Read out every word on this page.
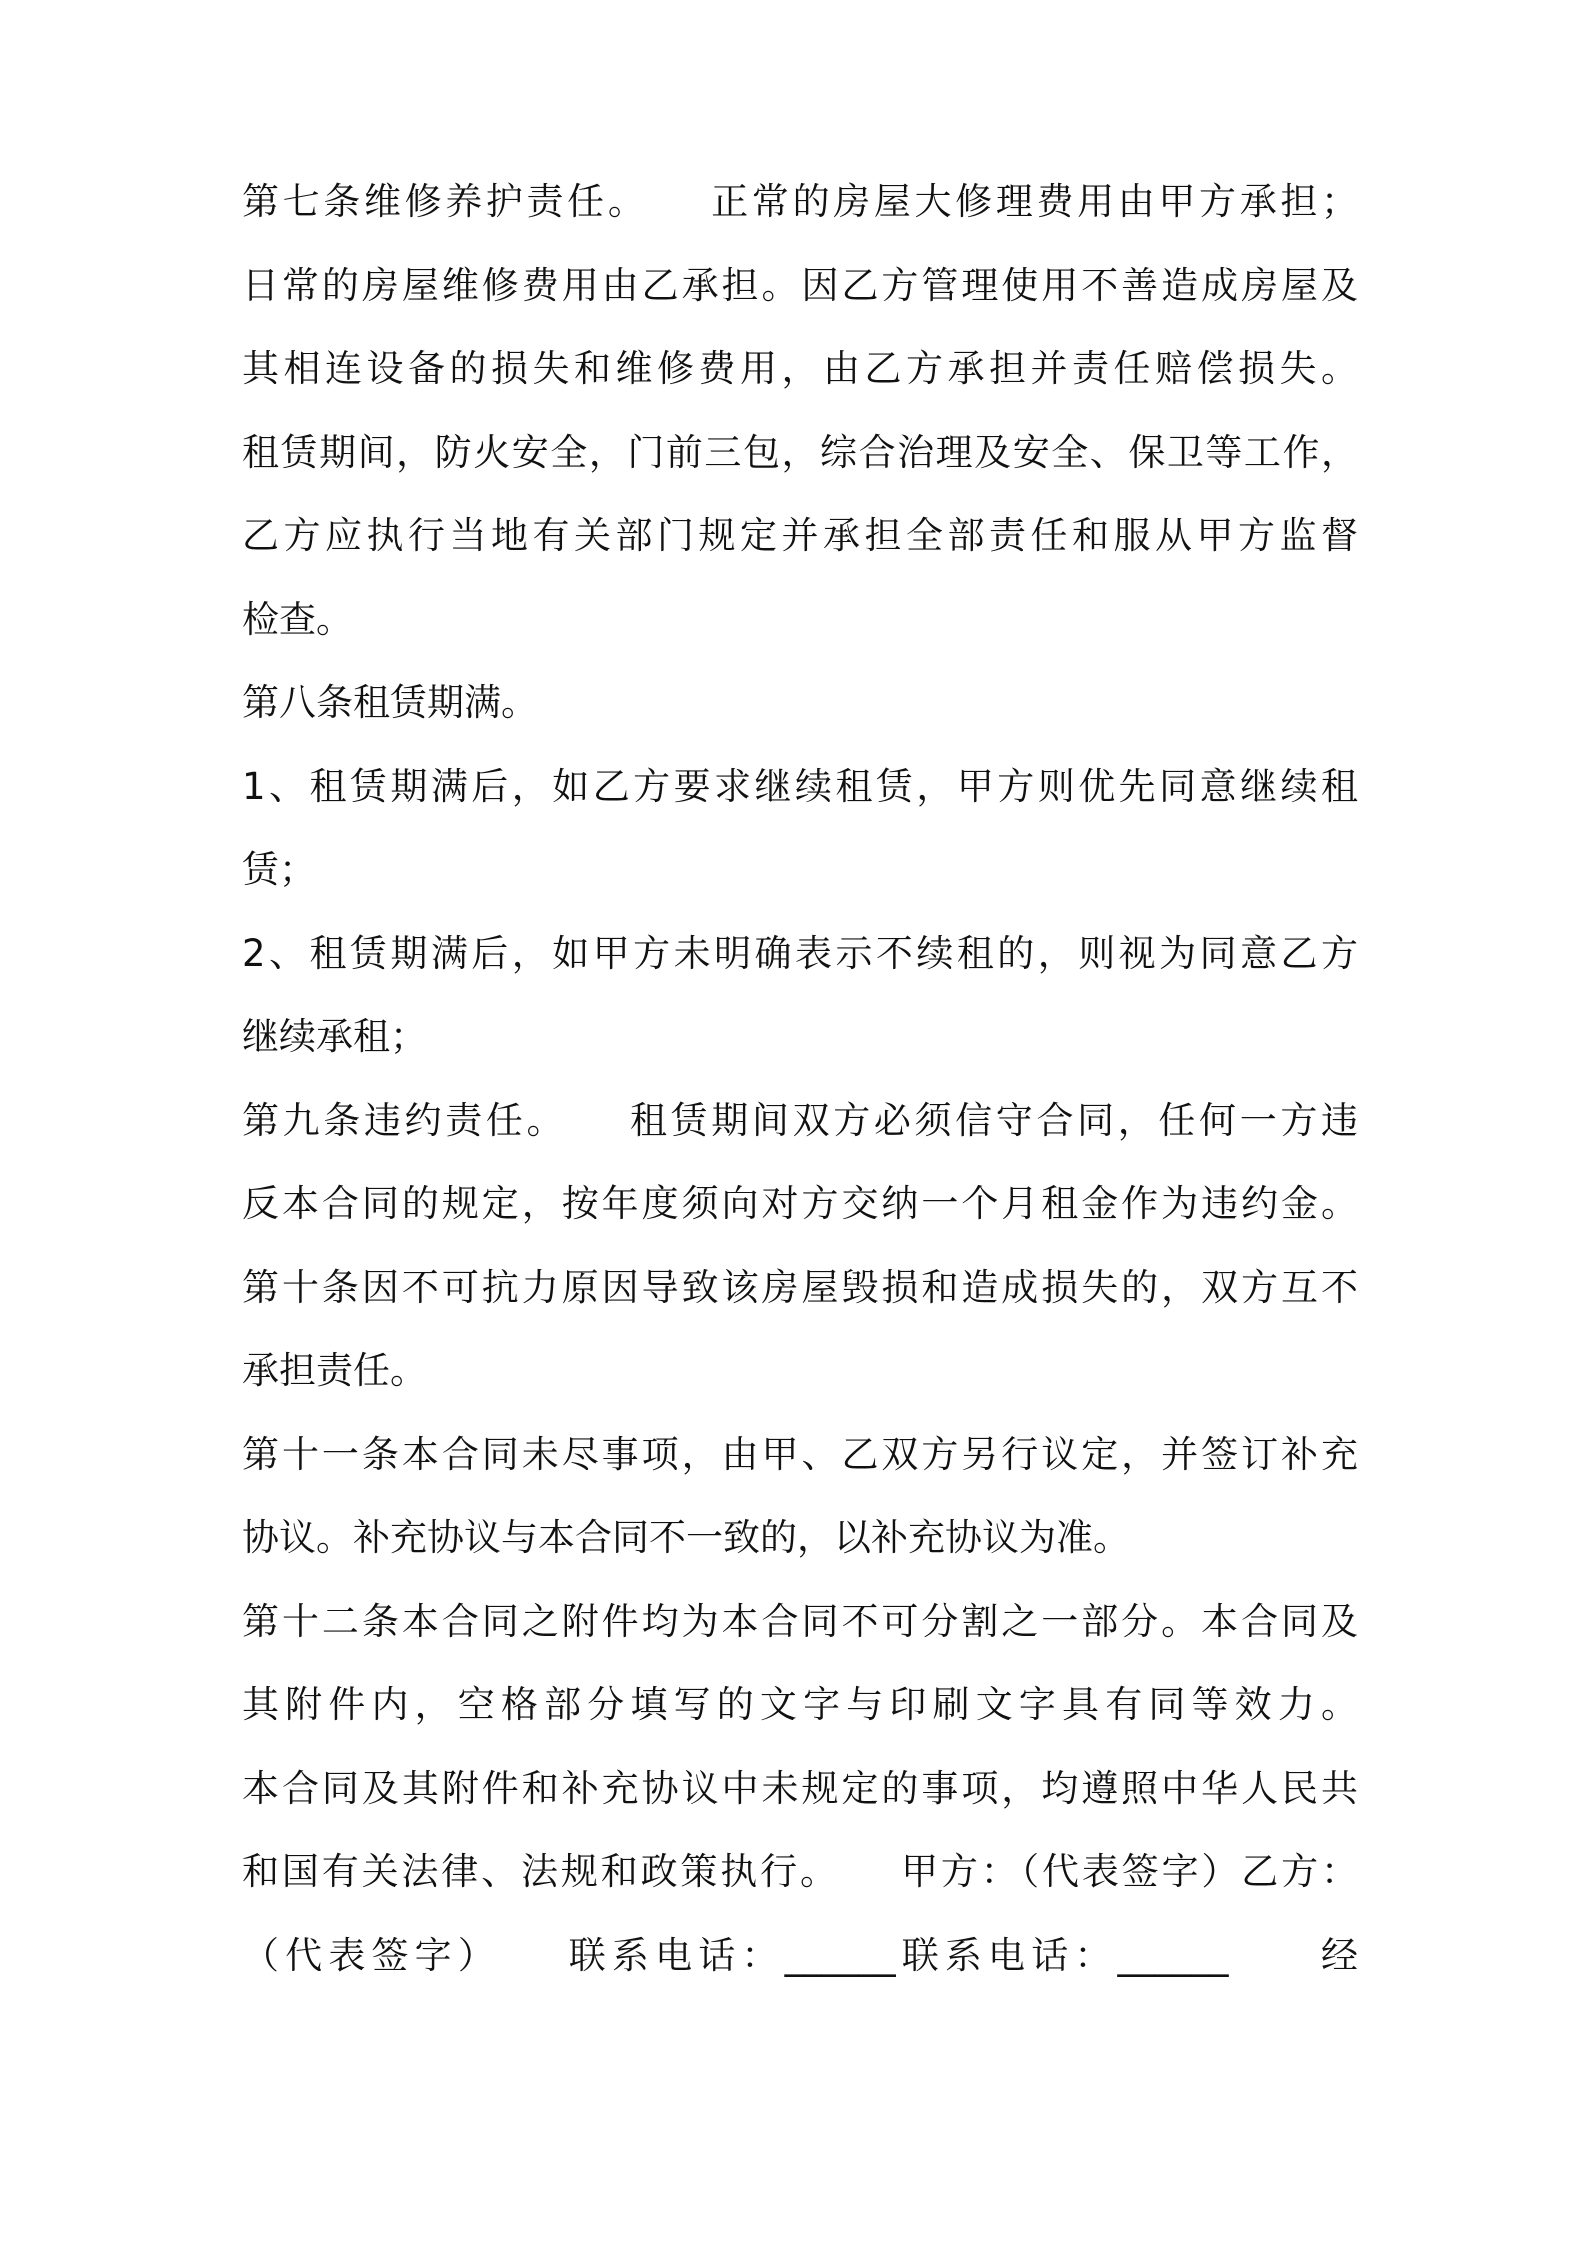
第七条维修养护责任。　　正常的房屋大修理费用由甲方承担；
日常的房屋维修费用由乙承担。因乙方管理使用不善造成房屋及
其相连设备的损失和维修费用，由乙方承担并责任赔偿损失。
租赁期间，防火安全，门前三包，综合治理及安全、保卫等工作，
乙方应执行当地有关部门规定并承担全部责任和服从甲方监督
检查。
第八条租赁期满。
1、租赁期满后，如乙方要求继续租赁，甲方则优先同意继续租
赁；
2、租赁期满后，如甲方未明确表示不续租的，则视为同意乙方
继续承租；
第九条违约责任。　　租赁期间双方必须信守合同，任何一方违
反本合同的规定，按年度须向对方交纳一个月租金作为违约金。
第十条因不可抗力原因导致该房屋毁损和造成损失的，双方互不
承担责任。
第十一条本合同未尽事项，由甲、乙双方另行议定，并签订补充
协议。补充协议与本合同不一致的，以补充协议为准。
第十二条本合同之附件均为本合同不可分割之一部分。本合同及
其附件内，空格部分填写的文字与印刷文字具有同等效力。
本合同及其附件和补充协议中未规定的事项，均遵照中华人民共
和国有关法律、法规和政策执行。　　甲方：（代表签字）乙方：
（代表签字）　　联系电话：______联系电话：______　　经
